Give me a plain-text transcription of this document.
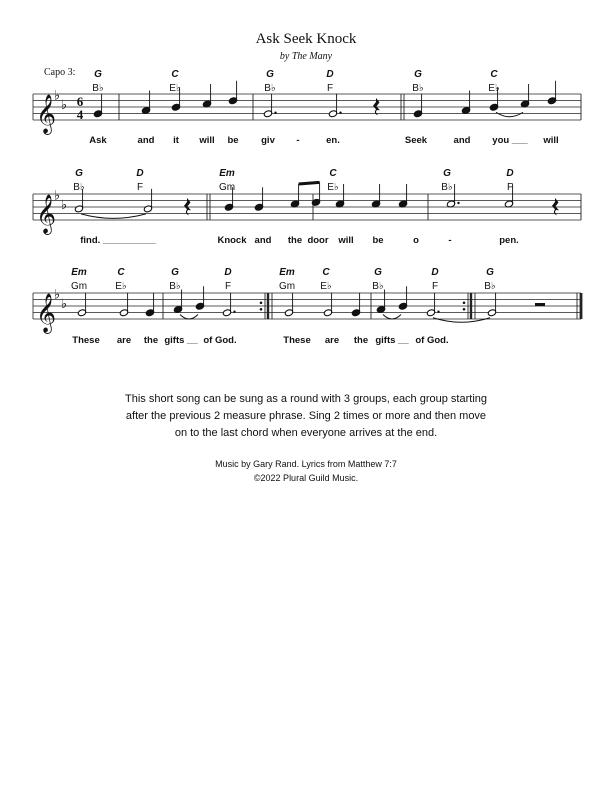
Ask Seek Knock
by The Many
Capo 3:
𝄞
♭
♭ 6
4
G	C	G	D	G	C
B♭	E♭	B♭	F	B♭	E♭
Ask	and it will be giv -	en.	Seek	and you ___ will
𝄞
♭
♭
G	D	Em	C	G	D
B♭	F	Gm	E♭	B♭	F
find. __________	Knock and the door will be	o	-	pen.
𝄞
♭
♭
Em	C	G	D	Em	C	G	D	G
Gm	E♭	B♭	F	Gm	E♭	B♭	F	B♭
These are the gifts __ of God.	These are the gifts __ of God.
This short song can be sung as a round with 3 groups, each group starting
after the previous 2 measure phrase. Sing 2 times or more and then move
on to the last chord when everyone arrives at the end.
Music by Gary Rand. Lyrics from Matthew 7:7
©2022 Plural Guild Music.
